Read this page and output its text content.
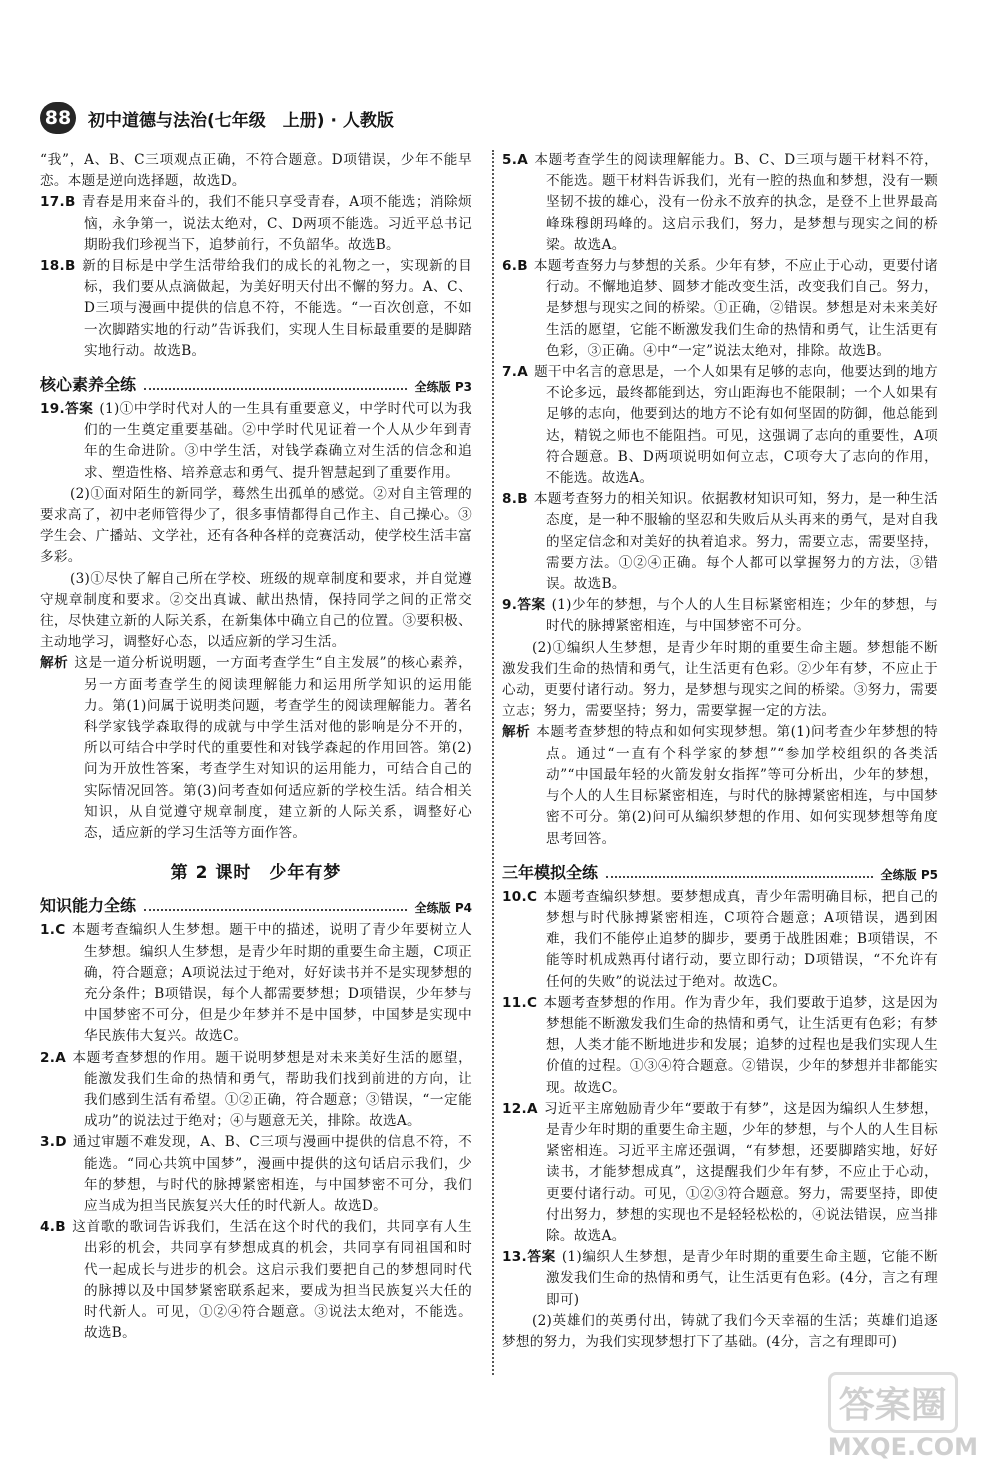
88 初中道德与法治(七年级　上册) · 人教版

“我”，A、B、C三项观点正确，不符合题意。D项错误，少年不能早恋。本题是逆向选择题，故选D。

17.B 青春是用来奋斗的，我们不能只享受青春，A项不能选；消除烦恼，永争第一，说法太绝对，C、D两项不能选。习近平总书记期盼我们珍视当下，追梦前行，不负韶华。故选B。
18.B 新的目标是中学生活带给我们的成长的礼物之一，实现新的目标，我们要从点滴做起，为美好明天付出不懈的努力。A、C、D三项与漫画中提供的信息不符，不能选。“一百次创意，不如一次脚踏实地的行动”告诉我们，实现人生目标最重要的是脚踏实地行动。故选B。
核心素养全练	全练版 P3

19.答案 (1)①中学时代对人的一生具有重要意义，中学时代可以为我们的一生奠定重要基础。②中学时代见证着一个人从少年到青年的生命进阶。③中学生活，对钱学森确立对生活的信念和追求、塑造性格、培养意志和勇气、提升智慧起到了重要作用。

(2)①面对陌生的新同学，蓦然生出孤单的感觉。②对自主管理的要求高了，初中老师管得少了，很多事情都得自己作主、自己操心。③学生会、广播站、文学社，还有各种各样的竞赛活动，使学校生活丰富多彩。

(3)①尽快了解自己所在学校、班级的规章制度和要求，并自觉遵守规章制度和要求。②交出真诚、献出热情，保持同学之间的正常交往，尽快建立新的人际关系，在新集体中确立自己的位置。③要积极、主动地学习，调整好心态，以适应新的学习生活。

解析 这是一道分析说明题，一方面考查学生“自主发展”的核心素养，另一方面考查学生的阅读理解能力和运用所学知识的运用能力。第(1)问属于说明类问题，考查学生的阅读理解能力。著名科学家钱学森取得的成就与中学生活对他的影响是分不开的，所以可结合中学时代的重要性和对钱学森起的作用回答。第(2)问为开放性答案，考查学生对知识的运用能力，可结合自己的实际情况回答。第(3)问考查如何适应新的学校生活。结合相关知识，从自觉遵守规章制度，建立新的人际关系，调整好心态，适应新的学习生活等方面作答。

第 2 课时　少年有梦
知识能力全练	全练版 P4
1.C 本题考查编织人生梦想。题干中的描述，说明了青少年要树立人生梦想。编织人生梦想，是青少年时期的重要生命主题，C项正确，符合题意；A项说法过于绝对，好好读书并不是实现梦想的充分条件；B项错误，每个人都需要梦想；D项错误，少年梦与中国梦密不可分，但是少年梦并不是中国梦，中国梦是实现中华民族伟大复兴。故选C。
2.A 本题考查梦想的作用。题干说明梦想是对未来美好生活的愿望，能激发我们生命的热情和勇气，帮助我们找到前进的方向，让我们感到生活有希望。①②正确，符合题意；③错误，“一定能成功”的说法过于绝对；④与题意无关，排除。故选A。
3.D 通过审题不难发现，A、B、C三项与漫画中提供的信息不符，不能选。“同心共筑中国梦”，漫画中提供的这句话启示我们，少年的梦想，与时代的脉搏紧密相连，与中国梦密不可分，我们应当成为担当民族复兴大任的时代新人。故选D。
4.B 这首歌的歌词告诉我们，生活在这个时代的我们，共同享有人生出彩的机会，共同享有梦想成真的机会，共同享有同祖国和时代一起成长与进步的机会。这启示我们要把自己的梦想同时代的脉搏以及中国梦紧密联系起来，要成为担当民族复兴大任的时代新人。可见，①②④符合题意。③说法太绝对，不能选。故选B。
5.A 本题考查学生的阅读理解能力。B、C、D三项与题干材料不符，不能选。题干材料告诉我们，光有一腔的热血和梦想，没有一颗坚韧不拔的雄心，没有一份永不放弃的执念，是登不上世界最高峰珠穆朗玛峰的。这启示我们，努力，是梦想与现实之间的桥梁。故选A。
6.B 本题考查努力与梦想的关系。少年有梦，不应止于心动，更要付诸行动。不懈地追梦、圆梦才能改变生活，改变我们自己。努力，是梦想与现实之间的桥梁。①正确，②错误。梦想是对未来美好生活的愿望，它能不断激发我们生命的热情和勇气，让生活更有色彩，③正确。④中“一定”说法太绝对，排除。故选B。
7.A 题干中名言的意思是，一个人如果有足够的志向，他要达到的地方不论多远，最终都能到达，穷山距海也不能限制；一个人如果有足够的志向，他要到达的地方不论有如何坚固的防御，他总能到达，精锐之师也不能阻挡。可见，这强调了志向的重要性，A项符合题意。B、D两项说明如何立志，C项夸大了志向的作用，不能选。故选A。
8.B 本题考查努力的相关知识。依据教材知识可知，努力，是一种生活态度，是一种不服输的坚忍和失败后从头再来的勇气，是对自我的坚定信念和对美好的执着追求。努力，需要立志，需要坚持，需要方法。①②④正确。每个人都可以掌握努力的方法，③错误。故选B。

9.答案 (1)少年的梦想，与个人的人生目标紧密相连；少年的梦想，与时代的脉搏紧密相连，与中国梦密不可分。

(2)①编织人生梦想，是青少年时期的重要生命主题。梦想能不断激发我们生命的热情和勇气，让生活更有色彩。②少年有梦，不应止于心动，更要付诸行动。努力，是梦想与现实之间的桥梁。③努力，需要立志；努力，需要坚持；努力，需要掌握一定的方法。

解析 本题考查梦想的特点和如何实现梦想。第(1)问考查少年梦想的特点。通过“一直有个科学家的梦想”“参加学校组织的各类活动”“中国最年轻的火箭发射女指挥”等可分析出，少年的梦想，与个人的人生目标紧密相连，与时代的脉搏紧密相连，与中国梦密不可分。第(2)问可从编织梦想的作用、如何实现梦想等角度思考回答。

三年模拟全练	全练版 P5
10.C 本题考查编织梦想。要梦想成真，青少年需明确目标，把自己的梦想与时代脉搏紧密相连，C项符合题意；A项错误，遇到困难，我们不能停止追梦的脚步，要勇于战胜困难；B项错误，不能等时机成熟再付诸行动，要立即行动；D项错误，“不允许有任何的失败”的说法过于绝对。故选C。
11.C 本题考查梦想的作用。作为青少年，我们要敢于追梦，这是因为梦想能不断激发我们生命的热情和勇气，让生活更有色彩；有梦想，人类才能不断地进步和发展；追梦的过程也是我们实现人生价值的过程。①③④符合题意。②错误，少年的梦想并非都能实现。故选C。
12.A 习近平主席勉励青少年“要敢于有梦”，这是因为编织人生梦想，是青少年时期的重要生命主题，少年的梦想，与个人的人生目标紧密相连。习近平主席还强调，“有梦想，还要脚踏实地，好好读书，才能梦想成真”，这提醒我们少年有梦，不应止于心动，更要付诸行动。可见，①②③符合题意。努力，需要坚持，即使付出努力，梦想的实现也不是轻轻松松的，④说法错误，应当排除。故选A。

13.答案 (1)编织人生梦想，是青少年时期的重要生命主题，它能不断激发我们生命的热情和勇气，让生活更有色彩。(4分，言之有理即可)

(2)英雄们的英勇付出，铸就了我们今天幸福的生活；英雄们追逐梦想的努力，为我们实现梦想打下了基础。(4分，言之有理即可)

答案圈
MXQE.COM
